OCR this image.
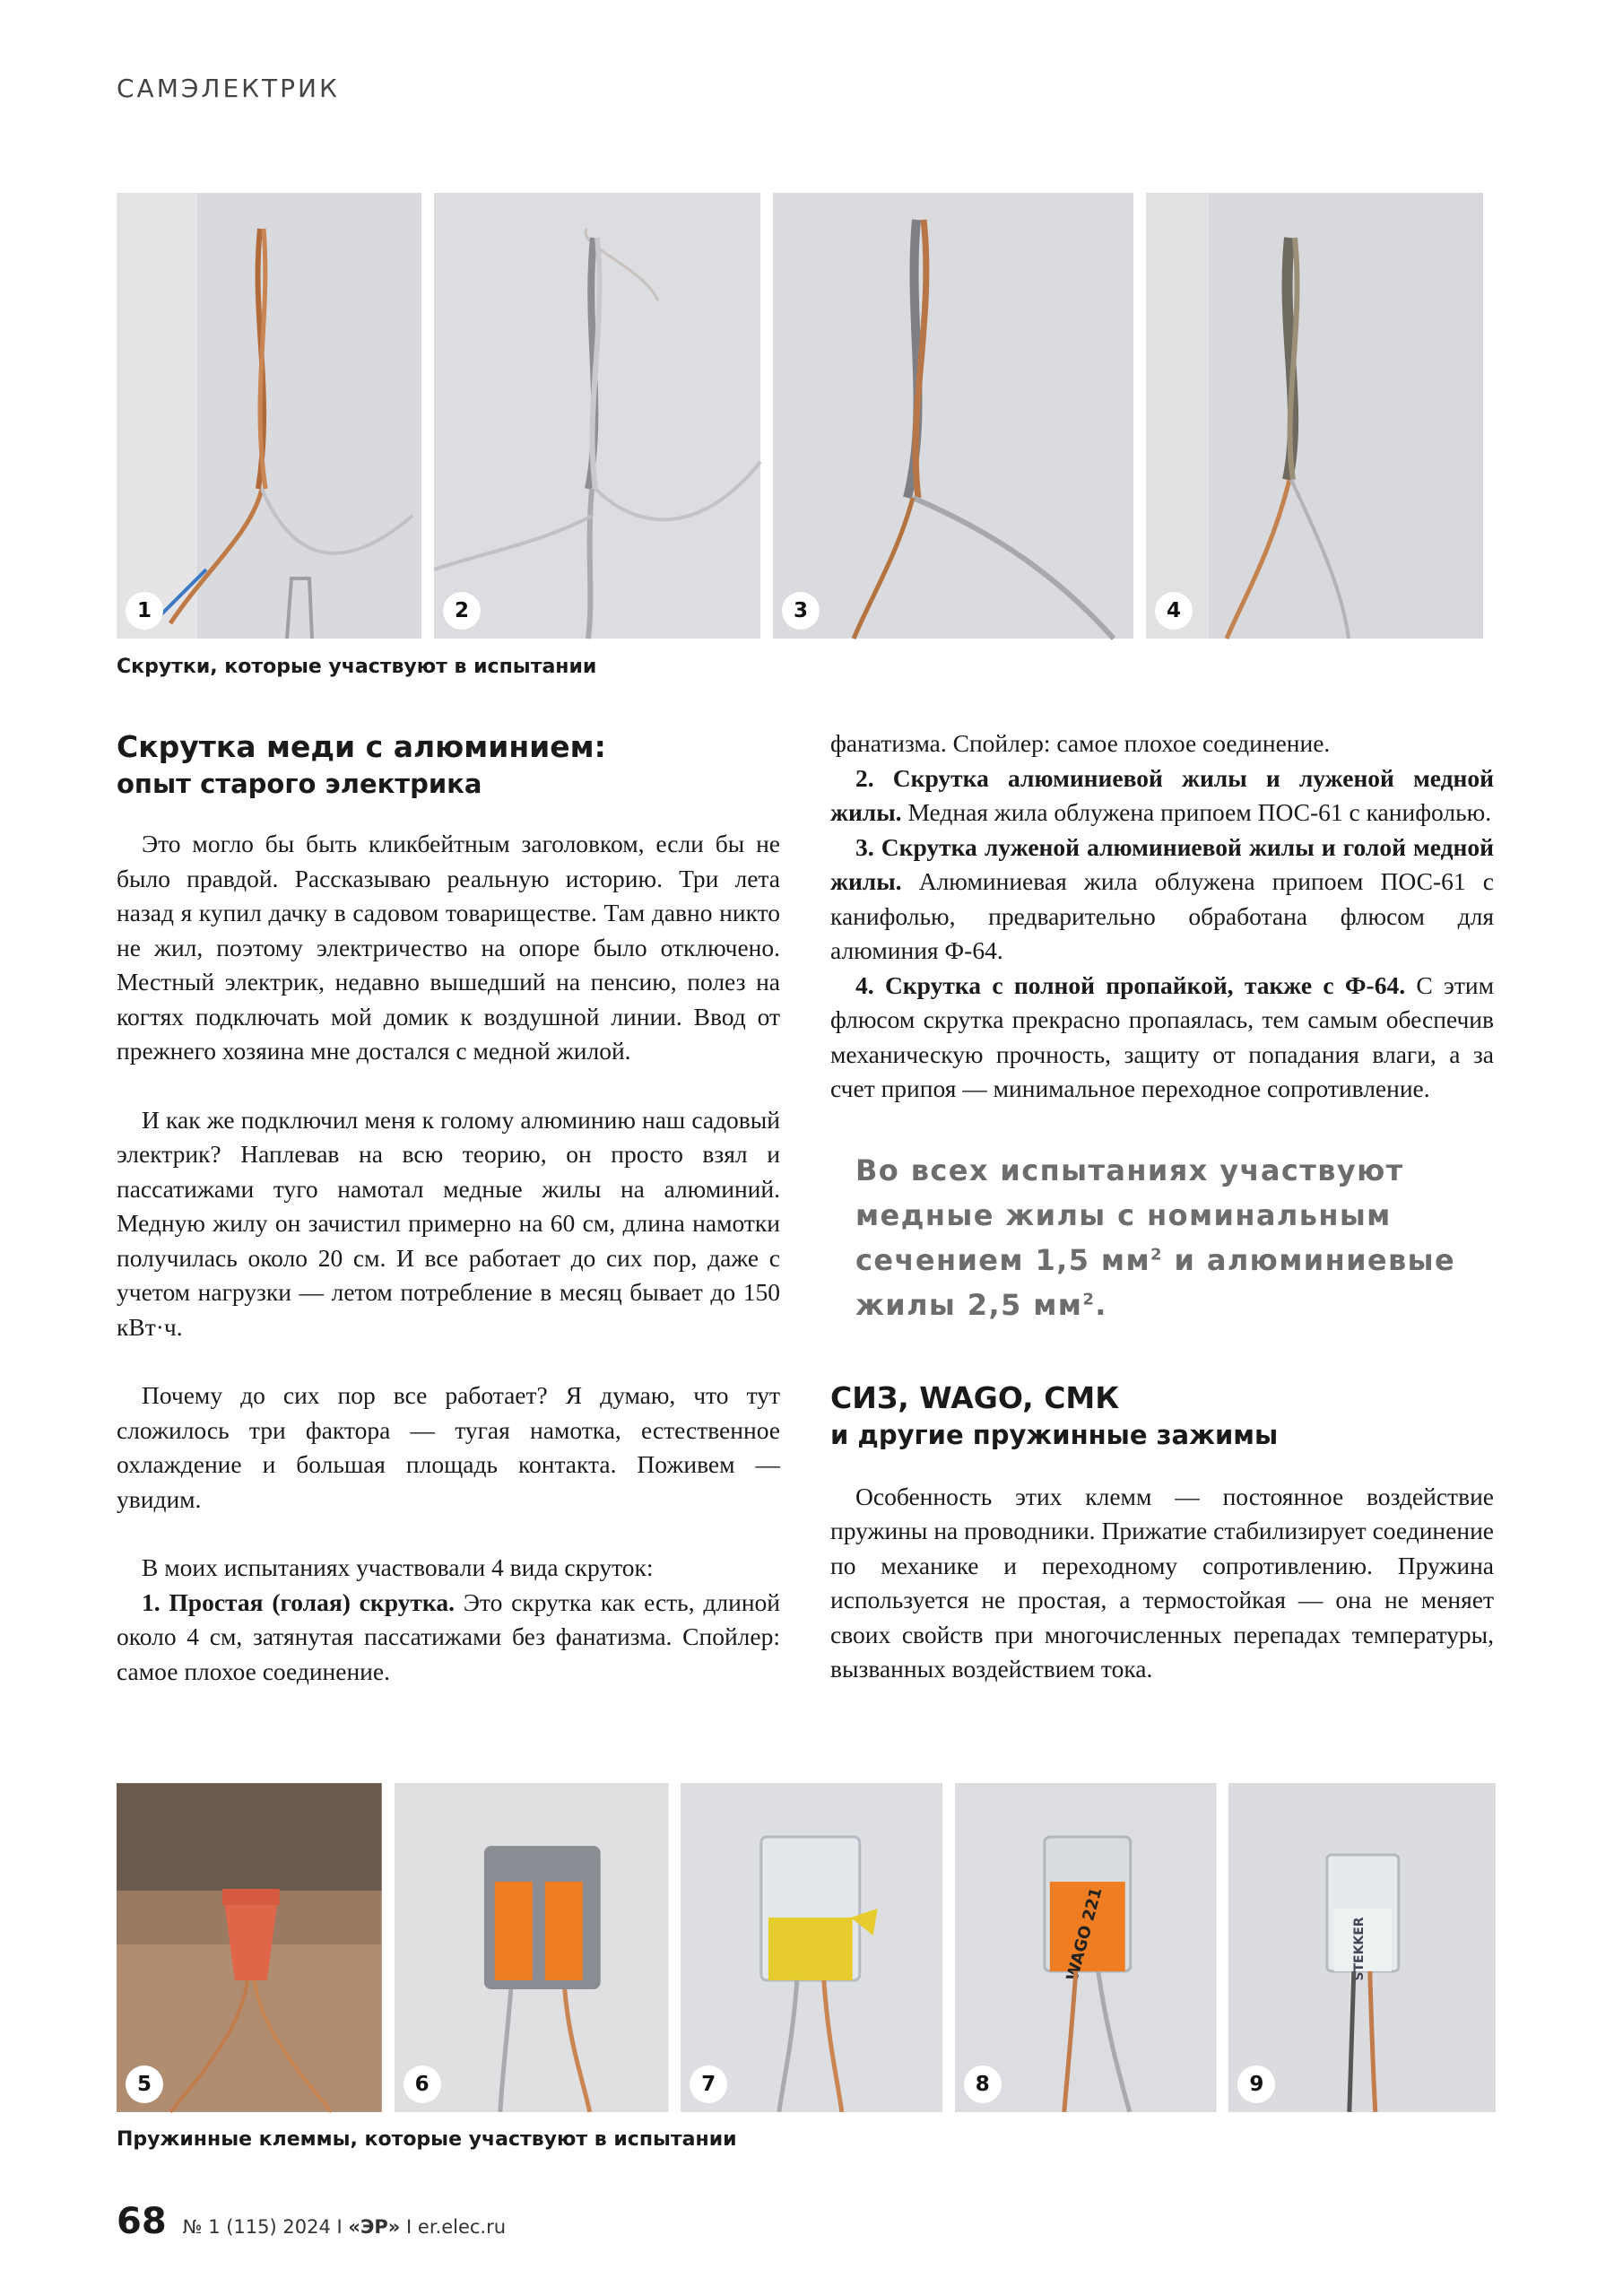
САМЭЛЕКТРИК
1	2	3	4
Скрутки, которые участвуют в испытании
Скрутка меди с алюминием:
опыт старого электрика

Это могло бы быть кликбейтным заголовком, если бы не было правдой. Рассказываю реальную историю. Три лета назад я купил дачку в садовом товариществе. Там давно никто не жил, поэтому электричество на опоре было отключено. Местный электрик, недавно вышедший на пенсию, полез на когтях подключать мой домик к воздушной линии. Ввод от прежнего хозяина мне достался с медной жилой.

И как же подключил меня к голому алюминию наш садовый электрик? Наплевав на всю теорию, он просто взял и пассатижами туго намотал медные жилы на алюминий. Медную жилу он зачистил примерно на 60 см, длина намотки получилась около 20 см. И все работает до сих пор, даже с учетом нагрузки — летом потребление в месяц бывает до 150 кВт·ч.

Почему до сих пор все работает? Я думаю, что тут сложилось три фактора — тугая намотка, естественное охлаждение и большая площадь контакта. Поживем — увидим.

В моих испытаниях участвовали 4 вида скруток:

1. Простая (голая) скрутка. Это скрутка как есть, длиной около 4 см, затянутая пассатижами без фанатизма. Спойлер: самое плохое соединение.

фанатизма. Спойлер: самое плохое соединение.

2. Скрутка алюминиевой жилы и луженой медной жилы. Медная жила облужена припоем ПОС-61 с канифолью.

3. Скрутка луженой алюминиевой жилы и голой медной жилы. Алюминиевая жила облужена припоем ПОС-61 с канифолью, предварительно обработана флюсом для алюминия Ф-64.

4. Скрутка с полной пропайкой, также с Ф-64. С этим флюсом скрутка прекрасно пропаялась, тем самым обеспечив механическую прочность, защиту от попадания влаги, а за счет припоя — минимальное переходное сопротивление.

Во всех испытаниях участвуют медные жилы с номинальным сечением 1,5 $мм^2$ и алюминиевые жилы 2,5 $мм^2$.
СИЗ, WAGO, СМК
и другие пружинные зажимы

Особенность этих клемм — постоянное воздействие пружины на проводники. Прижатие стабилизирует соединение по механике и переходному сопротивлению. Пружина используется не простая, а термостойкая — она не меняет своих свойств при многочисленных перепадах температуры, вызванных воздействием тока.

5	6	7
WAGO 221
8
STEKKER
9
Пружинные клеммы, которые участвуют в испытании
68 № 1 (115) 2024 I «ЭР» I er.elec.ru
